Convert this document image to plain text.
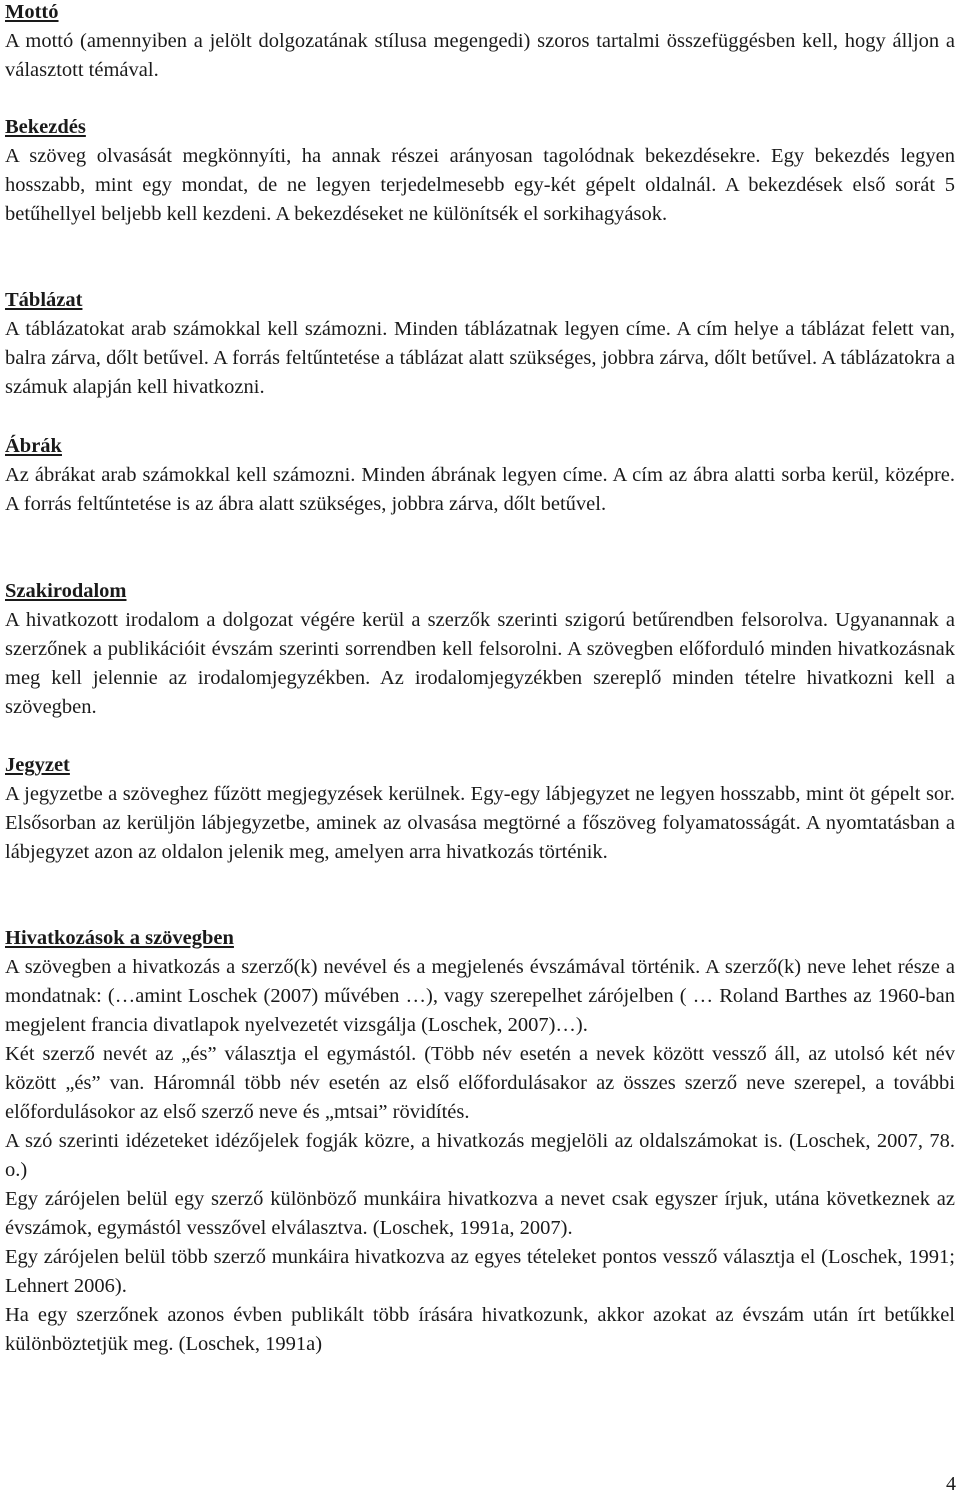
Mottó

A mottó (amennyiben a jelölt dolgozatának stílusa megengedi) szoros tartalmi összefüggésben kell, hogy álljon a választott témával.

Bekezdés

A szöveg olvasását megkönnyíti, ha annak részei arányosan tagolódnak bekezdésekre. Egy bekezdés legyen hosszabb, mint egy mondat, de ne legyen terjedelmesebb egy-két gépelt oldalnál. A bekezdések első sorát 5 betűhellyel beljebb kell kezdeni. A bekezdéseket ne különítsék el sorkihagyások.

Táblázat

A táblázatokat arab számokkal kell számozni. Minden táblázatnak legyen címe. A cím helye a táblázat felett van, balra zárva, dőlt betűvel. A forrás feltűntetése a táblázat alatt szükséges, jobbra zárva, dőlt betűvel. A táblázatokra a számuk alapján kell hivatkozni.

Ábrák

Az ábrákat arab számokkal kell számozni. Minden ábrának legyen címe. A cím az ábra alatti sorba kerül, középre. A forrás feltűntetése is az ábra alatt szükséges, jobbra zárva, dőlt betűvel.

Szakirodalom

A hivatkozott irodalom a dolgozat végére kerül a szerzők szerinti szigorú betűrendben felsorolva. Ugyanannak a szerzőnek a publikációit évszám szerinti sorrendben kell felsorolni. A szövegben előforduló minden hivatkozásnak meg kell jelennie az irodalomjegyzékben. Az irodalomjegyzékben szereplő minden tételre hivatkozni kell a szövegben.

Jegyzet

A jegyzetbe a szöveghez fűzött megjegyzések kerülnek. Egy-egy lábjegyzet ne legyen hosszabb, mint öt gépelt sor. Elsősorban az kerüljön lábjegyzetbe, aminek az olvasása megtörné a főszöveg folyamatosságát. A nyomtatásban a lábjegyzet azon az oldalon jelenik meg, amelyen arra hivatkozás történik.

Hivatkozások a szövegben

A szövegben a hivatkozás a szerző(k) nevével és a megjelenés évszámával történik. A szerző(k) neve lehet része a mondatnak: (…amint Loschek (2007) művében …), vagy szerepelhet zárójelben ( … Roland Barthes az 1960-ban megjelent francia divatlapok nyelvezetét vizsgálja (Loschek, 2007)…).

Két szerző nevét az „és” választja el egymástól. (Több név esetén a nevek között vessző áll, az utolsó két név között „és” van. Háromnál több név esetén az első előfordulásakor az összes szerző neve szerepel, a további előfordulásokor az első szerző neve és „mtsai” rövidítés.

A szó szerinti idézeteket idézőjelek fogják közre, a hivatkozás megjelöli az oldalszámokat is. (Loschek, 2007, 78. o.)

Egy zárójelen belül egy szerző különböző munkáira hivatkozva a nevet csak egyszer írjuk, utána következnek az évszámok, egymástól vesszővel elválasztva. (Loschek, 1991a, 2007).

Egy zárójelen belül több szerző munkáira hivatkozva az egyes tételeket pontos vessző választja el (Loschek, 1991; Lehnert 2006).

Ha egy szerzőnek azonos évben publikált több írására hivatkozunk, akkor azokat az évszám után írt betűkkel különböztetjük meg. (Loschek, 1991a)

4
